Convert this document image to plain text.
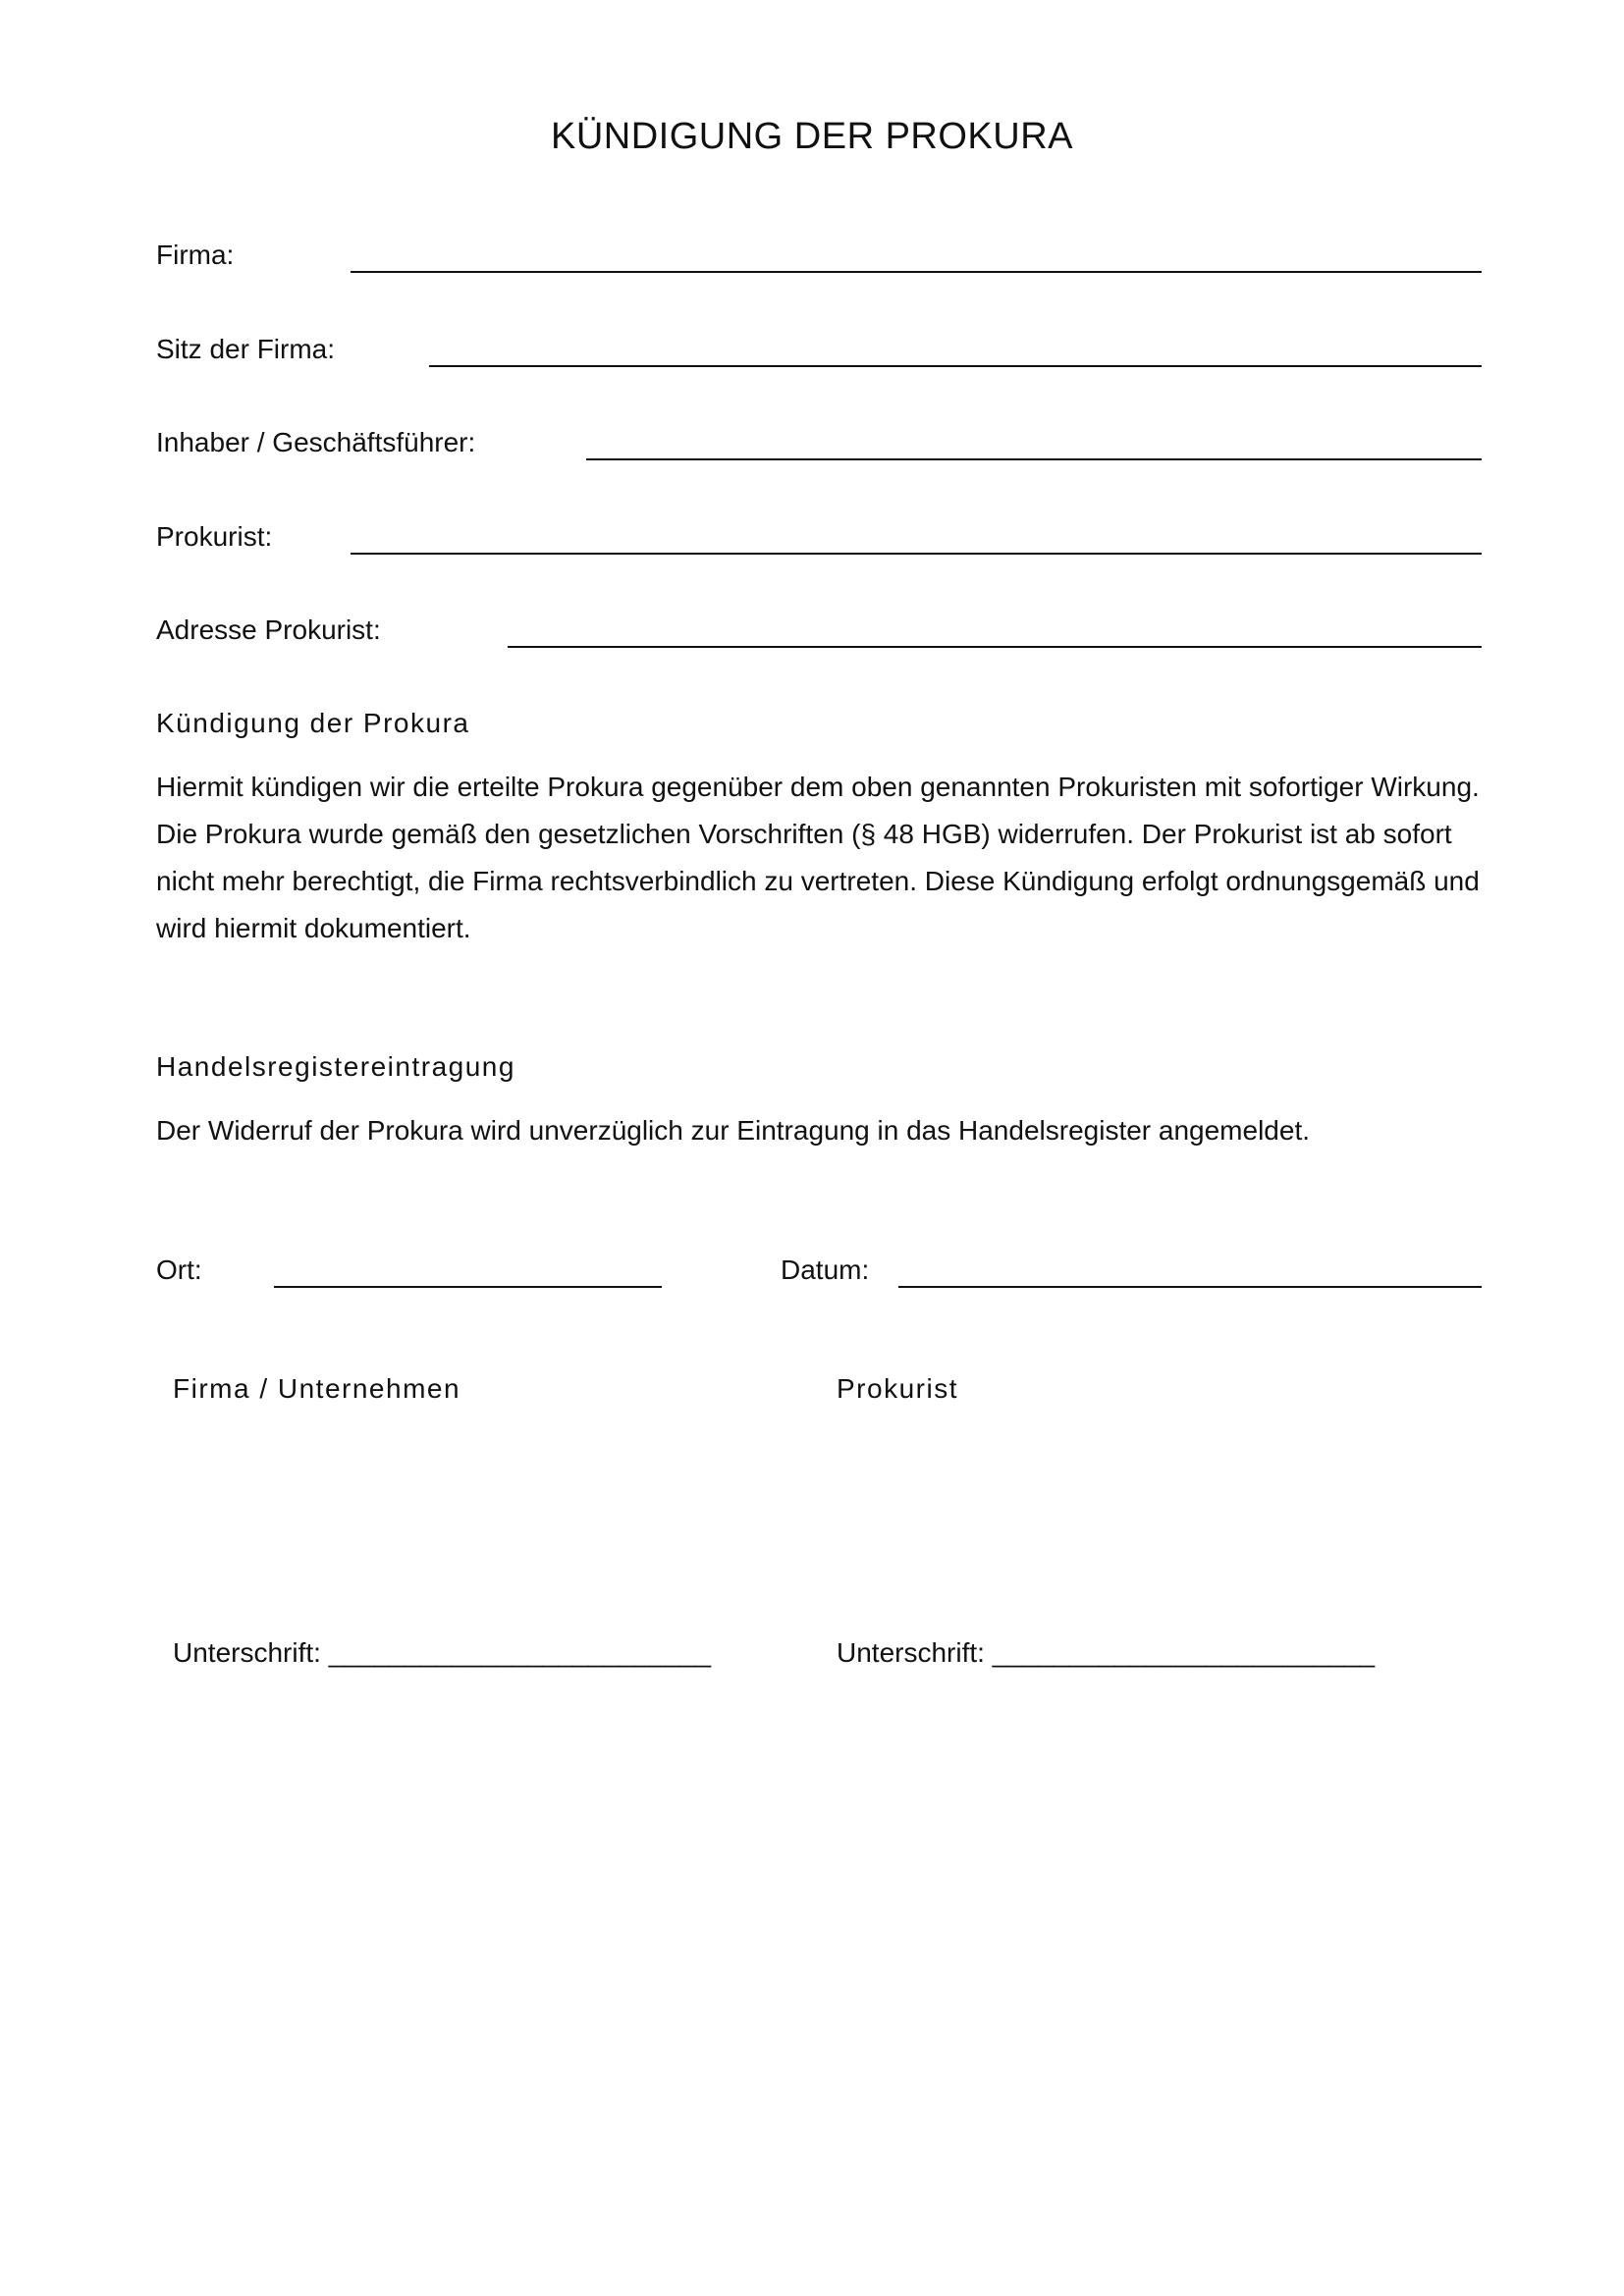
KÜNDIGUNG DER PROKURA
Firma:
Sitz der Firma:
Inhaber / Geschäftsführer:
Prokurist:
Adresse Prokurist:
Kündigung der Prokura
Hiermit kündigen wir die erteilte Prokura gegenüber dem oben genannten Prokuristen mit sofortiger Wirkung. Die Prokura wurde gemäß den gesetzlichen Vorschriften (§ 48 HGB) widerrufen. Der Prokurist ist ab sofort nicht mehr berechtigt, die Firma rechtsverbindlich zu vertreten. Diese Kündigung erfolgt ordnungsgemäß und wird hiermit dokumentiert.
Handelsregistereintragung
Der Widerruf der Prokura wird unverzüglich zur Eintragung in das Handelsregister angemeldet.
Ort:	Datum:
Firma / Unternehmen	Prokurist
Unterschrift: _________________________	Unterschrift: _________________________
